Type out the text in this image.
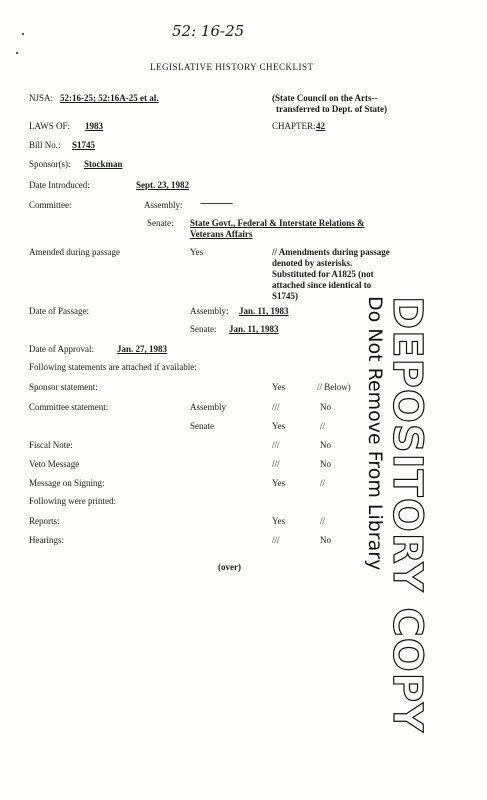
52: 16-25
LEGISLATIVE HISTORY CHECKLIST
NJSA: 52:16-25; 52:16A-25 et al.	(State Council on the Arts--
transferred to Dept. of State)
LAWS OF: 1983	CHAPTER: 42
Bill No.: S1745
Sponsor(s): Stockman
Date Introduced:	Sept. 23, 1982
Committee:	Assembly: ----------------
Senate: State Govt., Federal & Interstate Relations &
Veterans Affairs
Amended during passage	Yes	// Amendments during passage
denoted by asterisks.
Substituted for A1825 (not
attached since identical to
S1745)
Date of Passage:	Assembly: Jan. 11, 1983
Senate: Jan. 11, 1983
Date of Approval:	Jan. 27, 1983
Following statements are attached if available:
Sponsor statement:	Yes	// Below)
Committee statement:	Assembly	///	No
Senate	Yes	//
Fiscal Note:	///	No
Veto Message	///	No
Message on Signing:	Yes	//
Following were printed:
Reports:	Yes	//
Hearings:	///	No
(over)	DEPOSITORY COPY
Do Not Remove From Library
